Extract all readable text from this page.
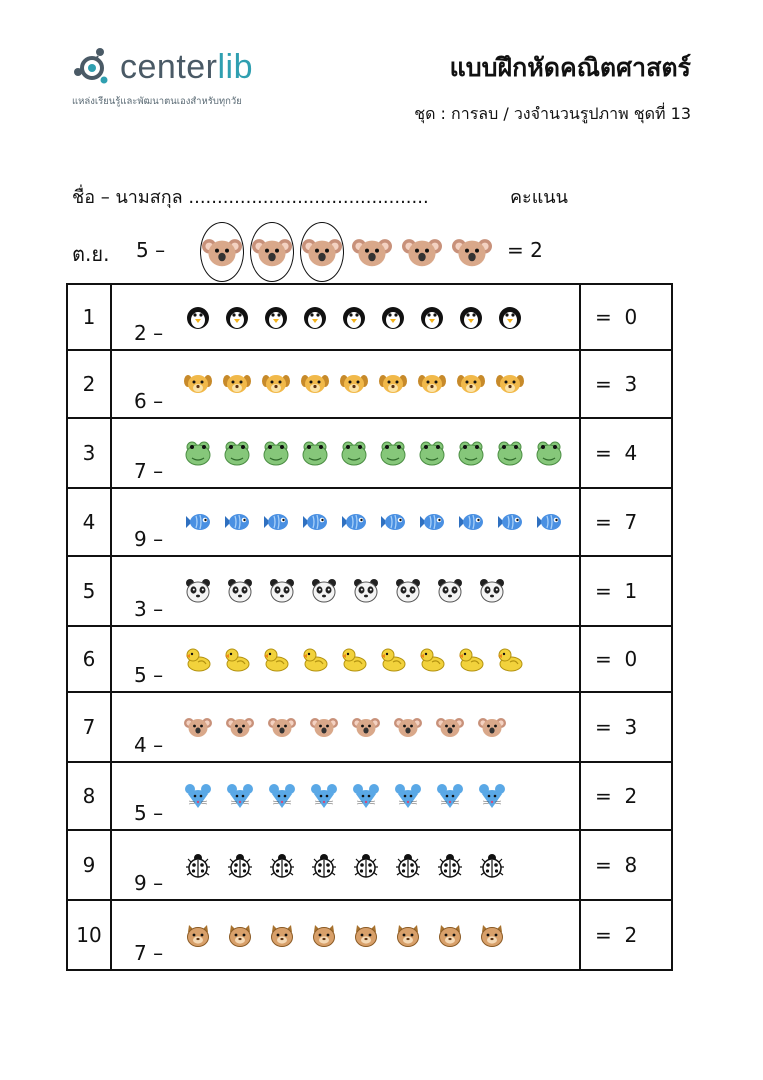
centerlib
แหล่งเรียนรู้และพัฒนาตนเองสำหรับทุกวัย
แบบฝึกหัดคณิตศาสตร์
ชุด : การลบ / วงจำนวนรูปภาพ ชุดที่ 13
ชื่อ – นามสกุล ..........................................	คะแนน
ต.ย. 5 –	= 2
1	2 –	=  0
2	6 –	=  3
3	7 –	=  4
4	9 –	=  7
5	3 –	=  1
6	5 –	=  0
7	4 –	=  3
8	5 –	=  2
9	9 –	=  8
10	7 –	=  2
